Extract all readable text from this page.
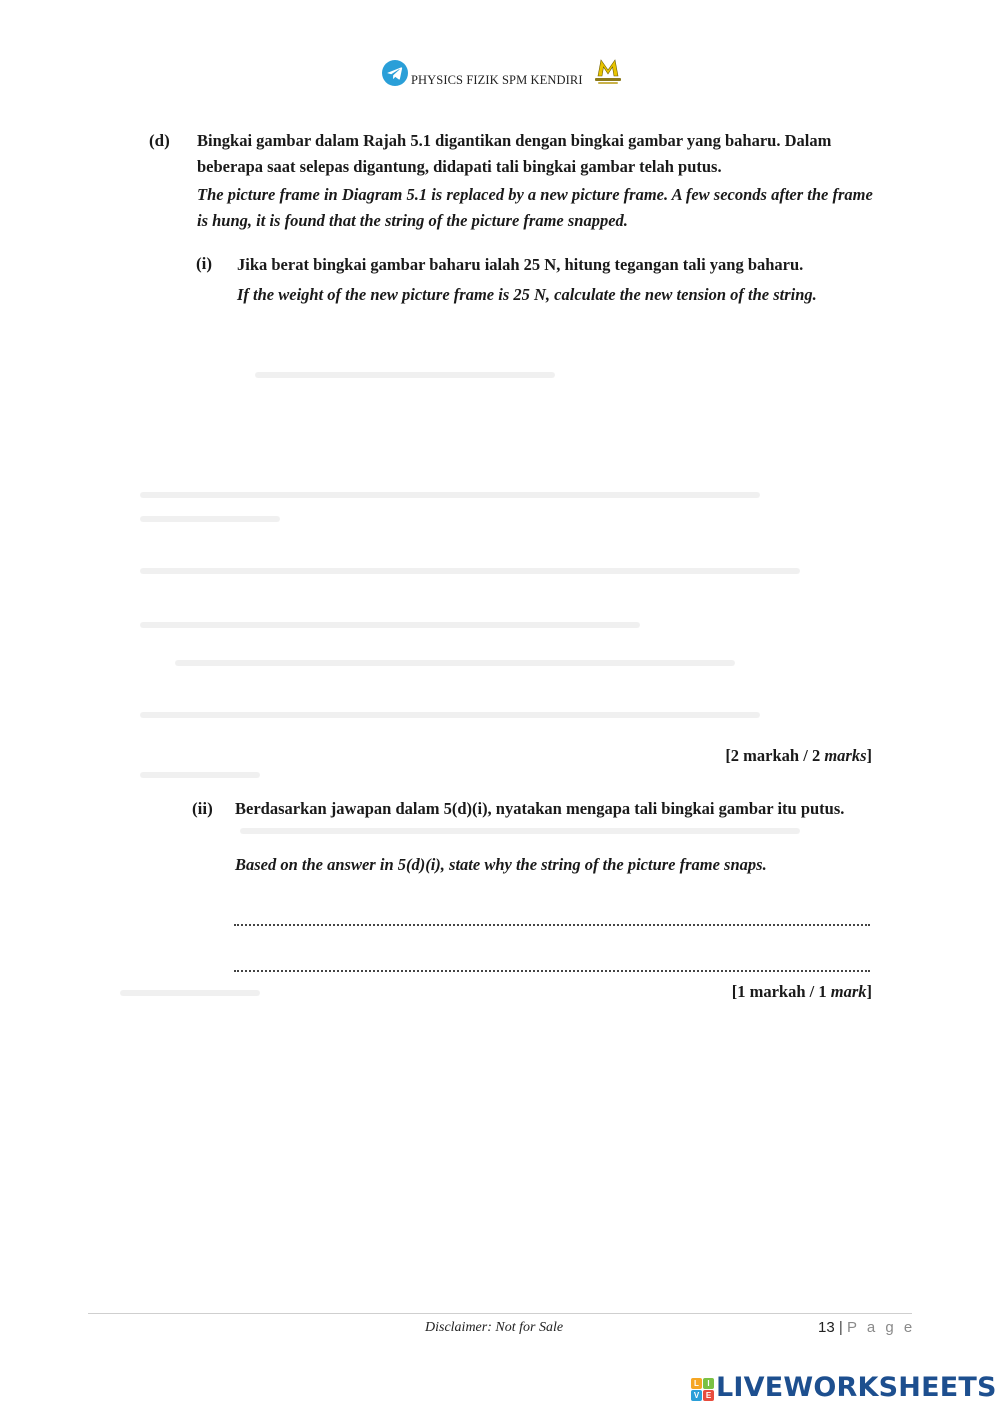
PHYSICS FIZIK SPM KENDIRI
(d) Bingkai gambar dalam Rajah 5.1 digantikan dengan bingkai gambar yang baharu. Dalam beberapa saat selepas digantung, didapati tali bingkai gambar telah putus.
The picture frame in Diagram 5.1 is replaced by a new picture frame. A few seconds after the frame is hung, it is found that the string of the picture frame snapped.
(i) Jika berat bingkai gambar baharu ialah 25 N, hitung tegangan tali yang baharu.
If the weight of the new picture frame is 25 N, calculate the new tension of the string.
[2 markah / 2 marks]
(ii) Berdasarkan jawapan dalam 5(d)(i), nyatakan mengapa tali bingkai gambar itu putus.
Based on the answer in 5(d)(i), state why the string of the picture frame snaps.
[1 markah / 1 mark]
Disclaimer: Not for Sale	13 | P a g e
L	I
V E LIVEWORKSHEETS
